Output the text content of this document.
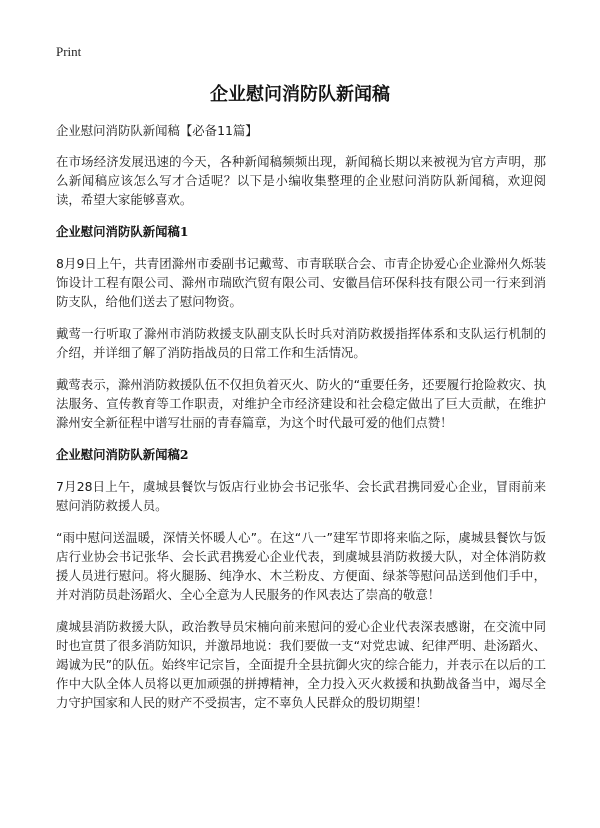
Print
企业慰问消防队新闻稿

企业慰问消防队新闻稿【必备11篇】

在市场经济发展迅速的今天，各种新闻稿频频出现，新闻稿长期以来被视为官方声明，那么新闻稿应该怎么写才合适呢？以下是小编收集整理的企业慰问消防队新闻稿，欢迎阅读，希望大家能够喜欢。

企业慰问消防队新闻稿1

8月9日上午，共青团滁州市委副书记戴莺、市青联联合会、市青企协爱心企业滁州久烁装饰设计工程有限公司、滁州市瑞欧汽贸有限公司、安徽昌信环保科技有限公司一行来到消防支队，给他们送去了慰问物资。

戴莺一行听取了滁州市消防救援支队副支队长时兵对消防救援指挥体系和支队运行机制的介绍，并详细了解了消防指战员的日常工作和生活情况。

戴莺表示，滁州消防救援队伍不仅担负着灭火、防火的“重要任务，还要履行抢险救灾、执法服务、宣传教育等工作职责，对维护全市经济建设和社会稳定做出了巨大贡献，在维护滁州安全新征程中谱写壮丽的青春篇章，为这个时代最可爱的他们点赞！

企业慰问消防队新闻稿2

7月28日上午，虞城县餐饮与饭店行业协会书记张华、会长武君携同爱心企业，冒雨前来慰问消防救援人员。

“雨中慰问送温暖，深情关怀暖人心”。在这“八一”建军节即将来临之际，虞城县餐饮与饭店行业协会书记张华、会长武君携爱心企业代表，到虞城县消防救援大队，对全体消防救援人员进行慰问。将火腿肠、纯净水、木兰粉皮、方便面、绿茶等慰问品送到他们手中，并对消防员赴汤蹈火、全心全意为人民服务的作风表达了崇高的敬意！

虞城县消防救援大队，政治教导员宋楠向前来慰问的爱心企业代表深表感谢，在交流中同时也宣贯了很多消防知识，并激昂地说：我们要做一支“对党忠诚、纪律严明、赴汤蹈火、竭诚为民”的队伍。始终牢记宗旨，全面提升全县抗御火灾的综合能力，并表示在以后的工作中大队全体人员将以更加顽强的拼搏精神，全力投入灭火救援和执勤战备当中，竭尽全力守护国家和人民的财产不受损害，定不辜负人民群众的殷切期望！
